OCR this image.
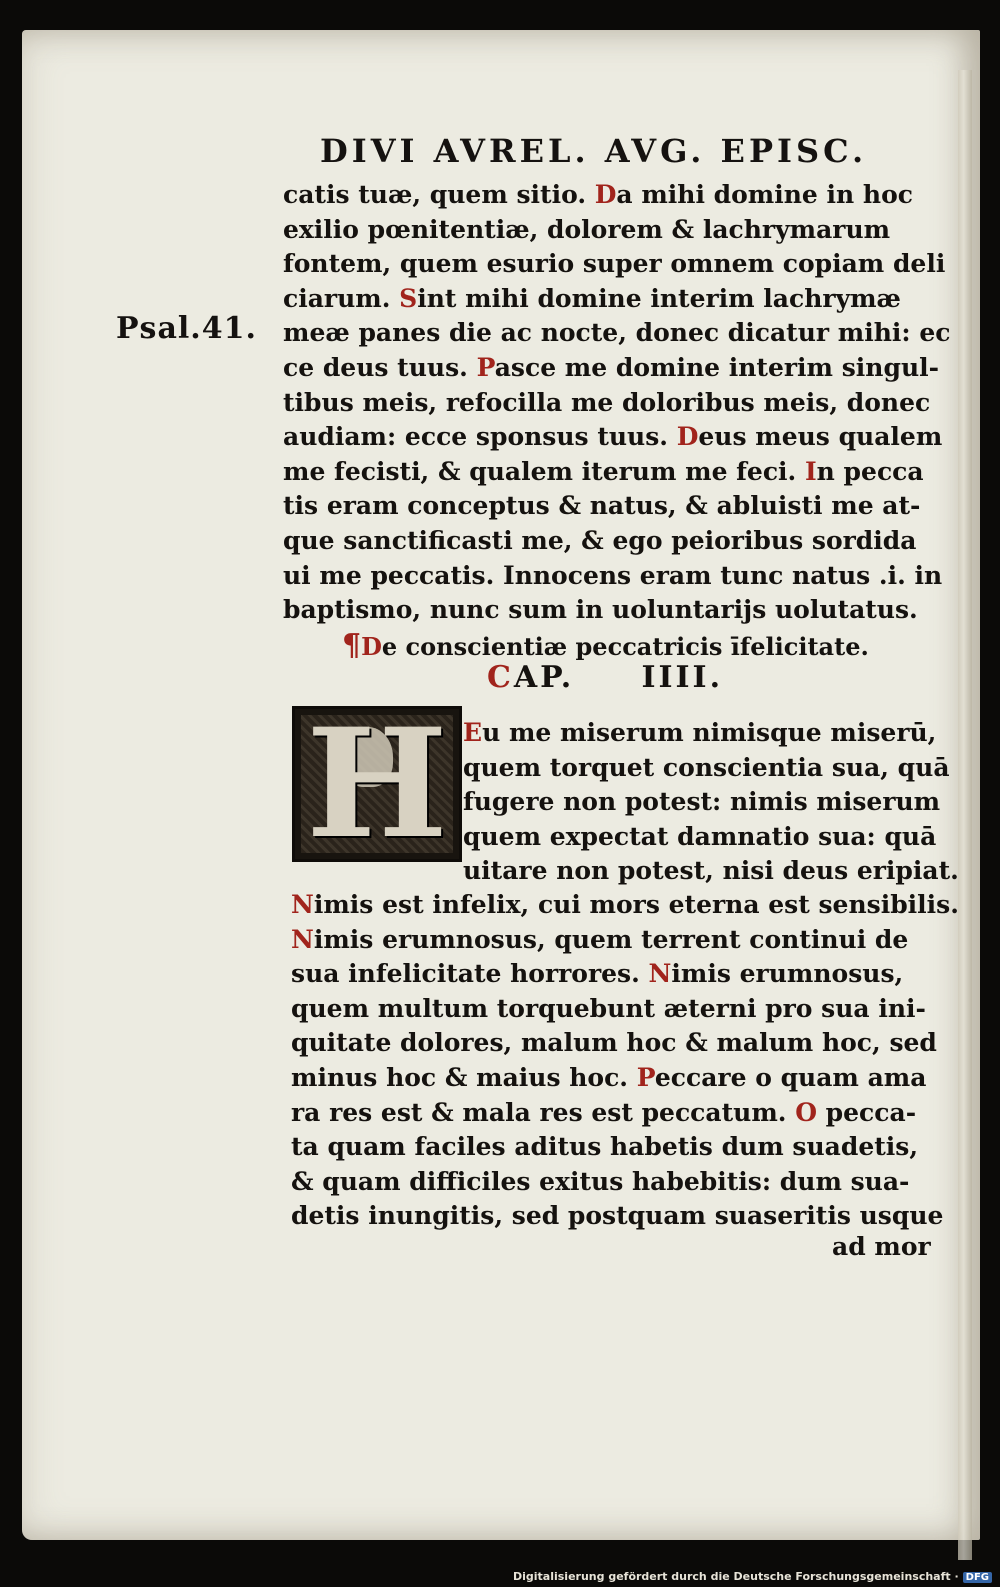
DIVI AVREL. AVG. EPISC.
Psal.41.
catis tuæ, quem sitio. Da mihi domine in hoc
exilio pœnitentiæ, dolorem & lachrymarum
fontem, quem esurio super omnem copiam deli
ciarum. Sint mihi domine interim lachrymæ
meæ panes die ac nocte, donec dicatur mihi: ec
ce deus tuus. Pasce me domine interim singul-
tibus meis, refocilla me doloribus meis, donec
audiam: ecce sponsus tuus. Deus meus qualem
me fecisti, & qualem iterum me feci. In pecca
tis eram conceptus & natus, & abluisti me at-
que sanctificasti me, & ego peioribus sordida
ui me peccatis. Innocens eram tunc natus .i. in
baptismo, nunc sum in uoluntarijs uolutatus.
¶De conscientiæ peccatricis īfelicitate.
CAP. IIII.
H Eu me miserum nimisque miserū,
quem torquet conscientia sua, quā
fugere non potest: nimis miserum
quem expectat damnatio sua: quā
uitare non potest, nisi deus eripiat.
Nimis est infelix, cui mors eterna est sensibilis.
Nimis erumnosus, quem terrent continui de
sua infelicitate horrores. Nimis erumnosus,
quem multum torquebunt æterni pro sua ini-
quitate dolores, malum hoc & malum hoc, sed
minus hoc & maius hoc. Peccare o quam ama
ra res est & mala res est peccatum. O pecca-
ta quam faciles aditus habetis dum suadetis,
& quam difficiles exitus habebitis: dum sua-
detis inungitis, sed postquam suaseritis usque
ad mor
Digitalisierung gefördert durch die Deutsche Forschungsgemeinschaft · DFG
